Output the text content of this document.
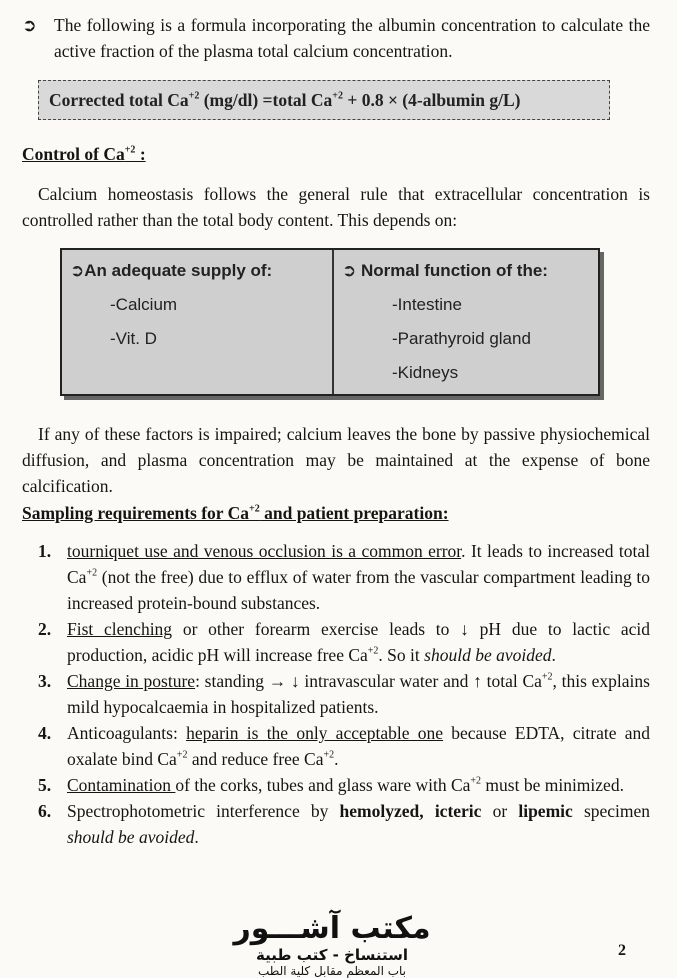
➲ The following is a formula incorporating the albumin concentration to calculate the active fraction of the plasma total calcium concentration.

Corrected total $Ca^{+2}$ (mg/dl) =total $Ca^{+2} + 0.8$ × (4-albumin g/L)
Control of $Ca^{+2}$ :

Calcium homeostasis follows the general rule that extracellular concentration is controlled rather than the total body content. This depends on:

➲An adequate supply of:
-Calcium
-Vit. D
➲ Normal function of the:
-Intestine
-Parathyroid gland
-Kidneys

If any of these factors is impaired; calcium leaves the bone by passive physiochemical diffusion, and plasma concentration may be maintained at the expense of bone calcification.

Sampling requirements for $Ca^{+2}$ and patient preparation:
1. tourniquet use and venous occlusion is a common error. It leads to increased total $Ca^{+2}$ (not the free) due to efflux of water from the vascular compartment leading to increased protein-bound substances.
2. Fist clenching or other forearm exercise leads to ↓ pH due to lactic acid production, acidic pH will increase free $Ca^{+2}$. So it should be avoided.
3. Change in posture: standing → ↓ intravascular water and ↑ total $Ca^{+2}$, this explains mild hypocalcaemia in hospitalized patients.
4. Anticoagulants: heparin is the only acceptable one because EDTA, citrate and oxalate bind $Ca^{+2}$ and reduce free $Ca^{+2}$.
5. Contamination of the corks, tubes and glass ware with $Ca^{+2}$ must be minimized.
6. Spectrophotometric interference by hemolyzed, icteric or lipemic specimen should be avoided.
مكتب آشـــور
استنساخ - كتب طبية
باب المعظم مقابل كلية الطب
2
